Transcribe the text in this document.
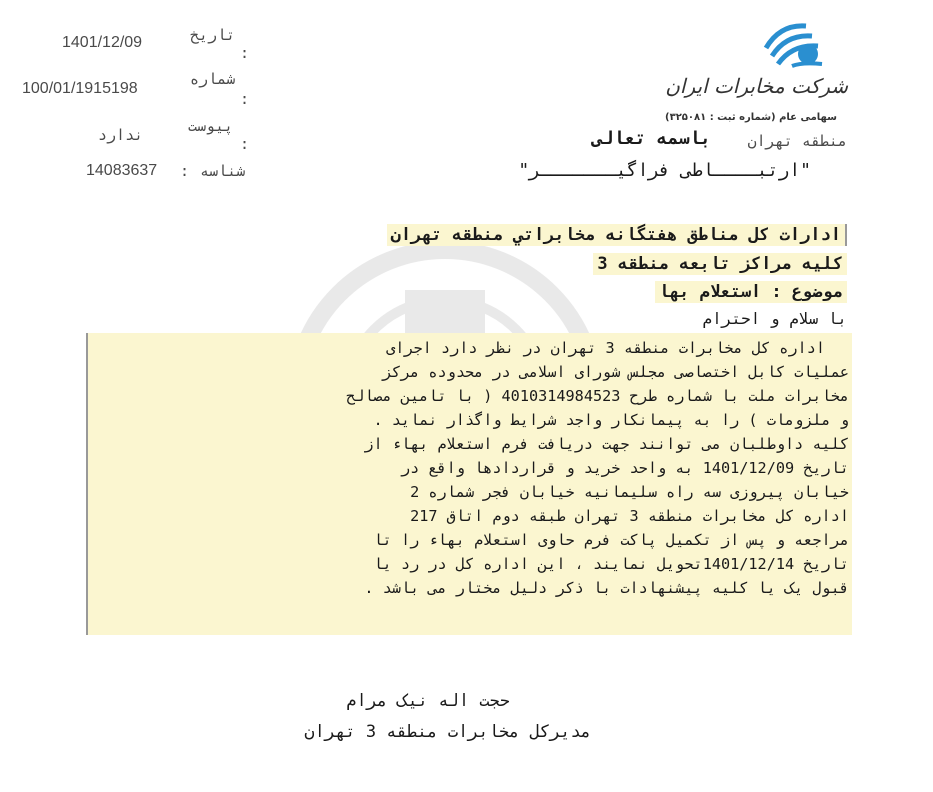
شرکت مخابرات ایران
سهامی عام (شماره ثبت : ۳۲۵۰۸۱)
تاریخ
:
1401/12/09
شماره
:
100/01/1915198
پیوست
:
ندارد
شناسه
:
14083637
منطقه تهران
باسمه تعالی
"ارتبــــاطی فراگیـــــــر"
ادارات کل مناطق هفتگانه مخابراتي منطقه تهران
کلیه مراکز تابعه منطقه 3
موضوع : استعلام بها
با سلام و احترام
اداره کل مخابرات منطقه 3 تهران در نظر دارد اجرای
عملیات کابل اختصاصی مجلس شورای اسلامی در محدوده مرکز
مخابرات ملت با شماره طرح 4010314984523 ( با تامین مصالح
و ملزومات ) را به پیمانکار واجد شرایط واگذار نماید .
کلیه داوطلبان می توانند جهت دریافت فرم استعلام بهاء از
تاریخ 1401/12/09 به واحد خرید و قراردادها واقع در
خیابان پیروزی سه راه سلیمانیه خیابان فجر شماره 2
اداره کل مخابرات منطقه 3 تهران طبقه دوم اتاق 217
مراجعه و پس از تکمیل پاکت فرم حاوی استعلام بهاء را تا
تاریخ 1401/12/14تحویل نمایند ، این اداره کل در رد یا
قبول یک یا کلیه پیشنهادات با ذکر دلیل مختار می باشد .
حجت اله نیک مرام
مدیرکل مخابرات منطقه 3 تهران
